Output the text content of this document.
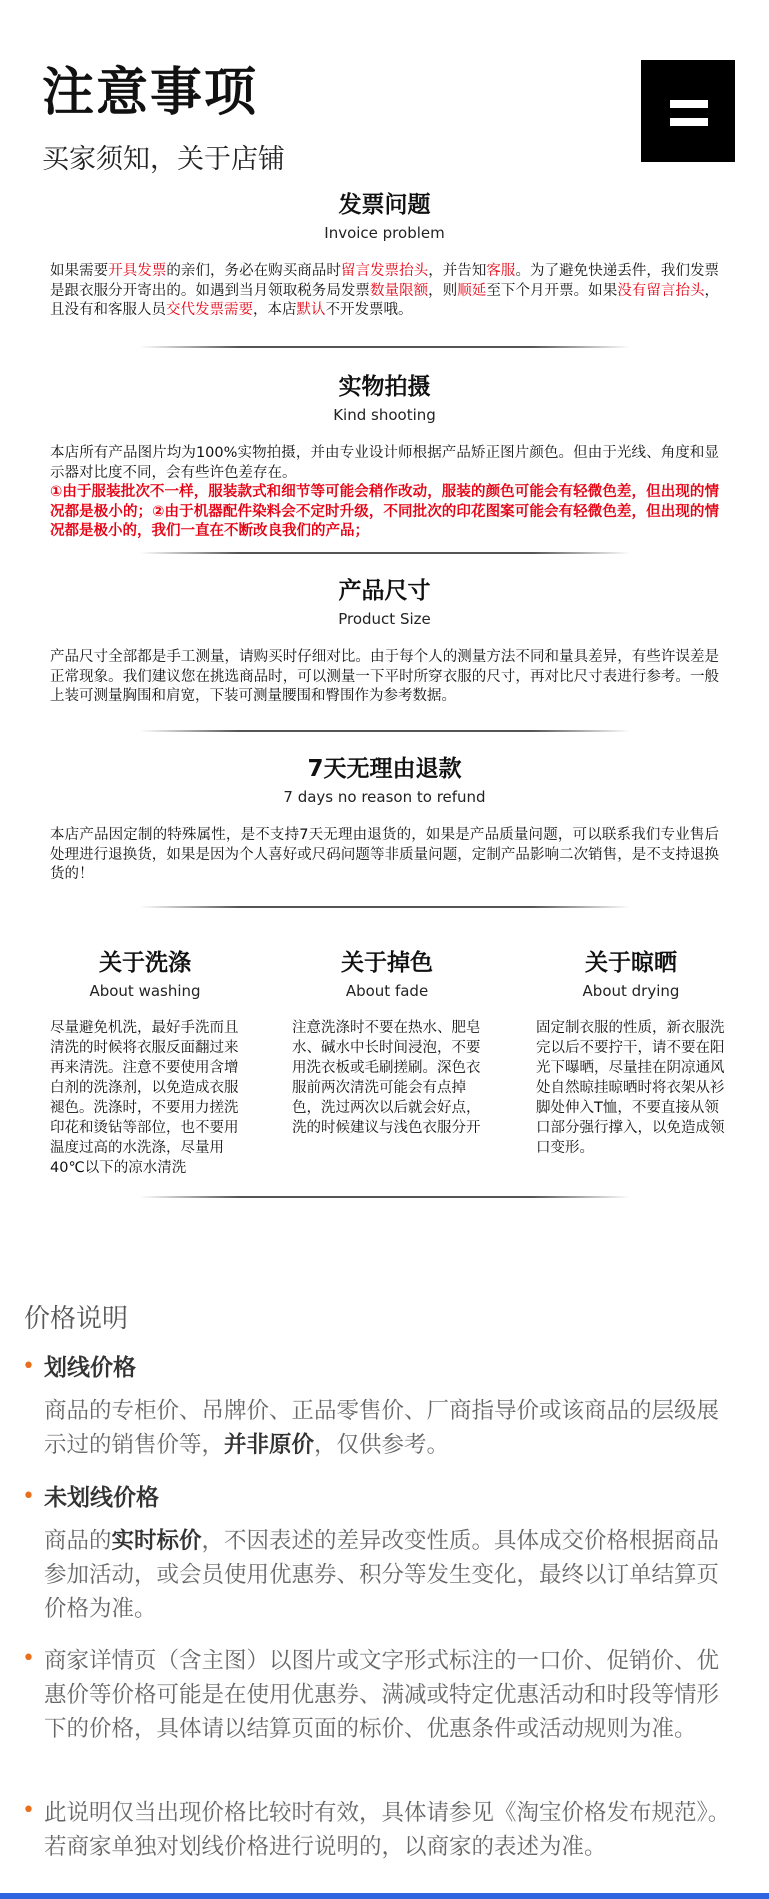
注意事项
买家须知，关于店铺
发票问题
Invoice problem
如果需要开具发票的亲们，务必在购买商品时留言发票抬头，并告知客服。为了避免快递丢件，我们发票是跟衣服分开寄出的。如遇到当月领取税务局发票数量限额，则顺延至下个月开票。如果没有留言抬头，且没有和客服人员交代发票需要，本店默认不开发票哦。
实物拍摄
Kind shooting
本店所有产品图片均为100%实物拍摄，并由专业设计师根据产品矫正图片颜色。但由于光线、角度和显示器对比度不同，会有些许色差存在。
①由于服装批次不一样，服装款式和细节等可能会稍作改动，服装的颜色可能会有轻微色差，但出现的情况都是极小的；②由于机器配件染料会不定时升级，不同批次的印花图案可能会有轻微色差，但出现的情况都是极小的，我们一直在不断改良我们的产品；
产品尺寸
Product Size
产品尺寸全部都是手工测量，请购买时仔细对比。由于每个人的测量方法不同和量具差异，有些许误差是正常现象。我们建议您在挑选商品时，可以测量一下平时所穿衣服的尺寸，再对比尺寸表进行参考。一般上装可测量胸围和肩宽，下装可测量腰围和臀围作为参考数据。
7天无理由退款
7 days no reason to refund
本店产品因定制的特殊属性，是不支持7天无理由退货的，如果是产品质量问题，可以联系我们专业售后处理进行退换货，如果是因为个人喜好或尺码问题等非质量问题，定制产品影响二次销售，是不支持退换货的！
关于洗涤
About washing
尽量避免机洗，最好手洗而且清洗的时候将衣服反面翻过来再来清洗。注意不要使用含增白剂的洗涤剂，以免造成衣服褪色。洗涤时，不要用力搓洗印花和烫钻等部位，也不要用温度过高的水洗涤，尽量用40℃以下的凉水清洗
关于掉色
About fade
注意洗涤时不要在热水、肥皂水、碱水中长时间浸泡，不要用洗衣板或毛刷搓刷。深色衣服前两次清洗可能会有点掉色，洗过两次以后就会好点，洗的时候建议与浅色衣服分开
关于晾晒
About drying
固定制衣服的性质，新衣服洗完以后不要拧干，请不要在阳光下曝晒，尽量挂在阴凉通风处自然晾挂晾晒时将衣架从衫脚处伸入T恤，不要直接从领口部分强行撑入，以免造成领口变形。
价格说明
• 划线价格
商品的专柜价、吊牌价、正品零售价、厂商指导价或该商品的层级展示过的销售价等，并非原价，仅供参考。
• 未划线价格
商品的实时标价，不因表述的差异改变性质。具体成交价格根据商品参加活动，或会员使用优惠券、积分等发生变化，最终以订单结算页价格为准。
• 商家详情页（含主图）以图片或文字形式标注的一口价、促销价、优惠价等价格可能是在使用优惠券、满减或特定优惠活动和时段等情形下的价格，具体请以结算页面的标价、优惠条件或活动规则为准。
• 此说明仅当出现价格比较时有效，具体请参见《淘宝价格发布规范》。若商家单独对划线价格进行说明的，以商家的表述为准。
